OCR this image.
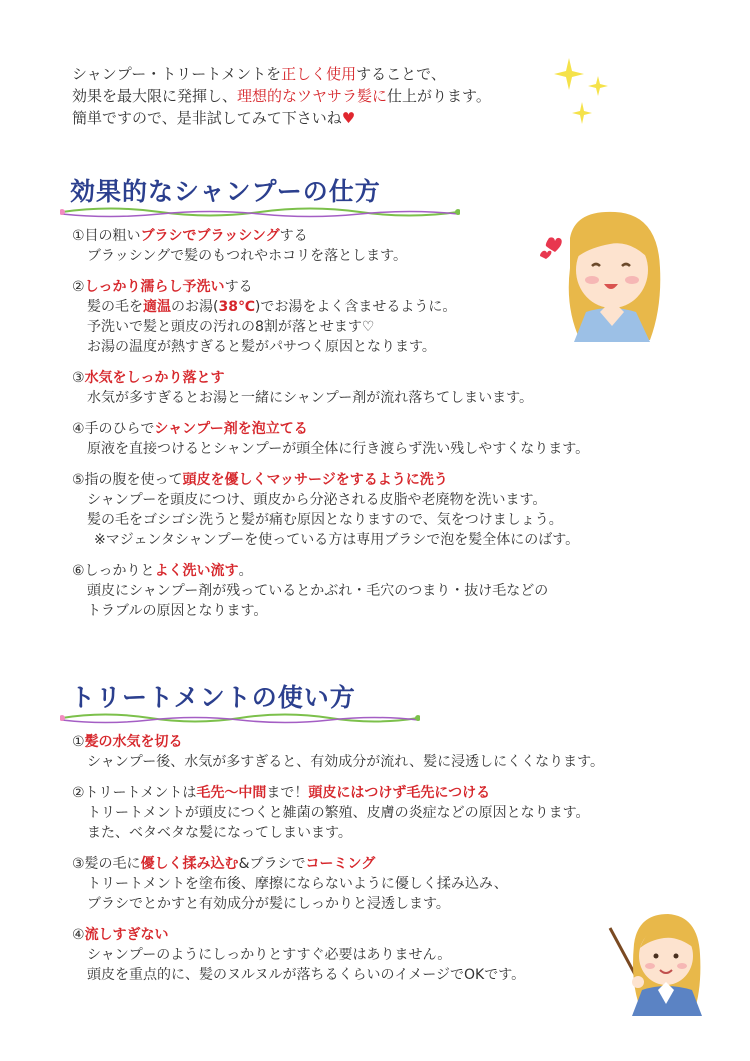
シャンプー・トリートメントを正しく使用することで、
効果を最大限に発揮し、理想的なツヤサラ髪に仕上がります。
簡単ですので、是非試してみて下さいね♥
効果的なシャンプーの仕方
①目の粗いブラシでブラッシングする
ブラッシングで髪のもつれやホコリを落とします。
②しっかり濡らし予洗いする
髪の毛を適温のお湯(38℃)でお湯をよく含ませるように。
予洗いで髪と頭皮の汚れの8割が落とせます♡
お湯の温度が熱すぎると髪がパサつく原因となります。
③水気をしっかり落とす
水気が多すぎるとお湯と一緒にシャンプー剤が流れ落ちてしまいます。
④手のひらでシャンプー剤を泡立てる
原液を直接つけるとシャンプーが頭全体に行き渡らず洗い残しやすくなります。
⑤指の腹を使って頭皮を優しくマッサージをするように洗う
シャンプーを頭皮につけ、頭皮から分泌される皮脂や老廃物を洗います。
髪の毛をゴシゴシ洗うと髪が痛む原因となりますので、気をつけましょう。
※マジェンタシャンプーを使っている方は専用ブラシで泡を髪全体にのばす。
⑥しっかりとよく洗い流す。
頭皮にシャンプー剤が残っているとかぶれ・毛穴のつまり・抜け毛などの
トラブルの原因となります。
トリートメントの使い方
①髪の水気を切る
シャンプー後、水気が多すぎると、有効成分が流れ、髪に浸透しにくくなります。
②トリートメントは毛先～中間まで！頭皮にはつけず毛先につける
トリートメントが頭皮につくと雑菌の繁殖、皮膚の炎症などの原因となります。
また、ベタベタな髪になってしまいます。
③髪の毛に優しく揉み込む&ブラシでコーミング
トリートメントを塗布後、摩擦にならないように優しく揉み込み、
ブラシでとかすと有効成分が髪にしっかりと浸透します。
④流しすぎない
シャンプーのようにしっかりとすすぐ必要はありません。
頭皮を重点的に、髪のヌルヌルが落ちるくらいのイメージでOKです。
